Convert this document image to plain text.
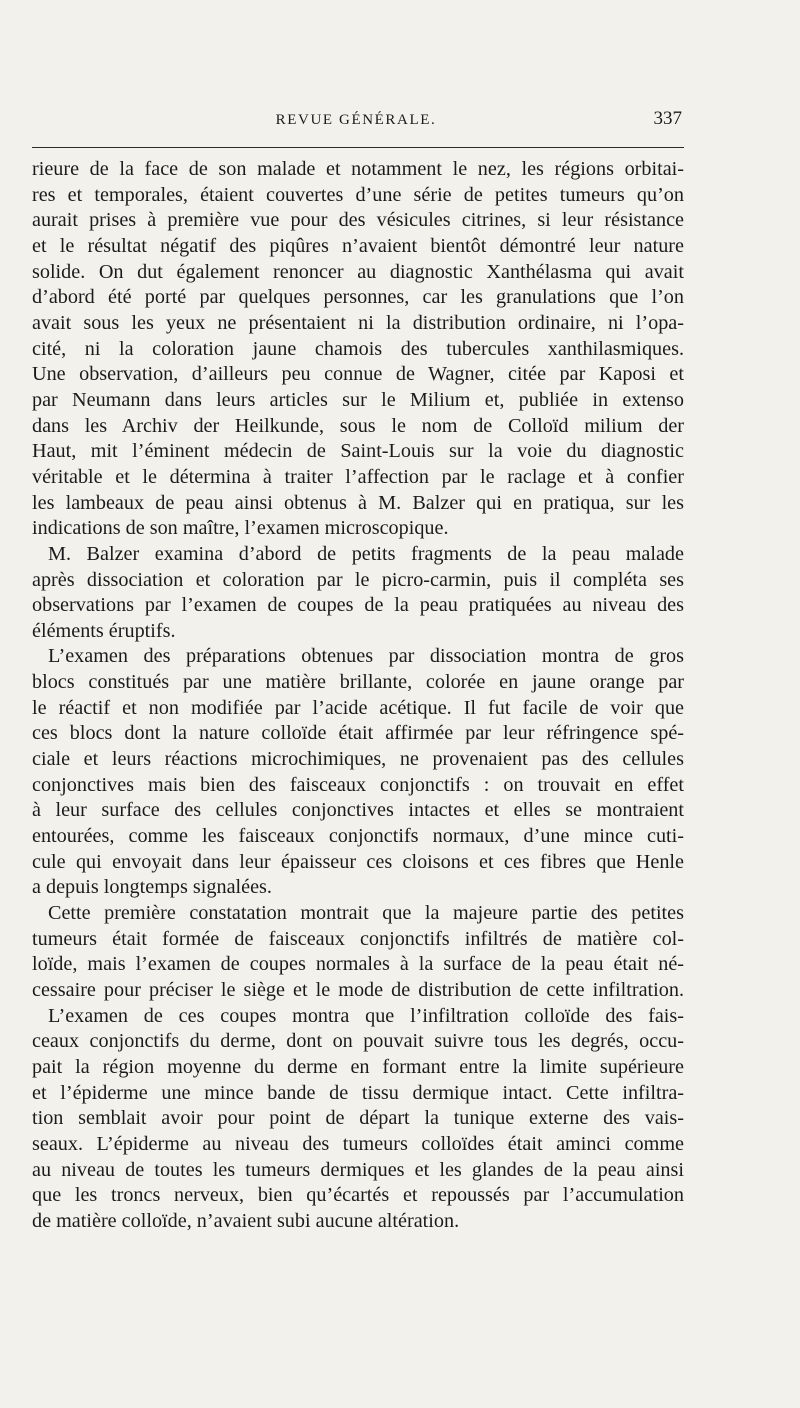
REVUE GÉNÉRALE.	337
rieure de la face de son malade et notamment le nez, les régions orbitai-
res et temporales, étaient couvertes d’une série de petites tumeurs qu’on
aurait prises à première vue pour des vésicules citrines, si leur résistance
et le résultat négatif des piqûres n’avaient bientôt démontré leur nature
solide. On dut également renoncer au diagnostic Xanthélasma qui avait
d’abord été porté par quelques personnes, car les granulations que l’on
avait sous les yeux ne présentaient ni la distribution ordinaire, ni l’opa-
cité, ni la coloration jaune chamois des tubercules xanthilasmiques.
Une observation, d’ailleurs peu connue de Wagner, citée par Kaposi et
par Neumann dans leurs articles sur le Milium et, publiée in extenso
dans les Archiv der Heilkunde, sous le nom de Colloïd milium der
Haut, mit l’éminent médecin de Saint-Louis sur la voie du diagnostic
véritable et le détermina à traiter l’affection par le raclage et à confier
les lambeaux de peau ainsi obtenus à M. Balzer qui en pratiqua, sur les
indications de son maître, l’examen microscopique.
M. Balzer examina d’abord de petits fragments de la peau malade
après dissociation et coloration par le picro-carmin, puis il compléta ses
observations par l’examen de coupes de la peau pratiquées au niveau des
éléments éruptifs.
L’examen des préparations obtenues par dissociation montra de gros
blocs constitués par une matière brillante, colorée en jaune orange par
le réactif et non modifiée par l’acide acétique. Il fut facile de voir que
ces blocs dont la nature colloïde était affirmée par leur réfringence spé-
ciale et leurs réactions microchimiques, ne provenaient pas des cellules
conjonctives mais bien des faisceaux conjonctifs : on trouvait en effet
à leur surface des cellules conjonctives intactes et elles se montraient
entourées, comme les faisceaux conjonctifs normaux, d’une mince cuti-
cule qui envoyait dans leur épaisseur ces cloisons et ces fibres que Henle
a depuis longtemps signalées.
Cette première constatation montrait que la majeure partie des petites
tumeurs était formée de faisceaux conjonctifs infiltrés de matière col-
loïde, mais l’examen de coupes normales à la surface de la peau était né-
cessaire pour préciser le siège et le mode de distribution de cette infiltration.
L’examen de ces coupes montra que l’infiltration colloïde des fais-
ceaux conjonctifs du derme, dont on pouvait suivre tous les degrés, occu-
pait la région moyenne du derme en formant entre la limite supérieure
et l’épiderme une mince bande de tissu dermique intact. Cette infiltra-
tion semblait avoir pour point de départ la tunique externe des vais-
seaux. L’épiderme au niveau des tumeurs colloïdes était aminci comme
au niveau de toutes les tumeurs dermiques et les glandes de la peau ainsi
que les troncs nerveux, bien qu’écartés et repoussés par l’accumulation
de matière colloïde, n’avaient subi aucune altération.
